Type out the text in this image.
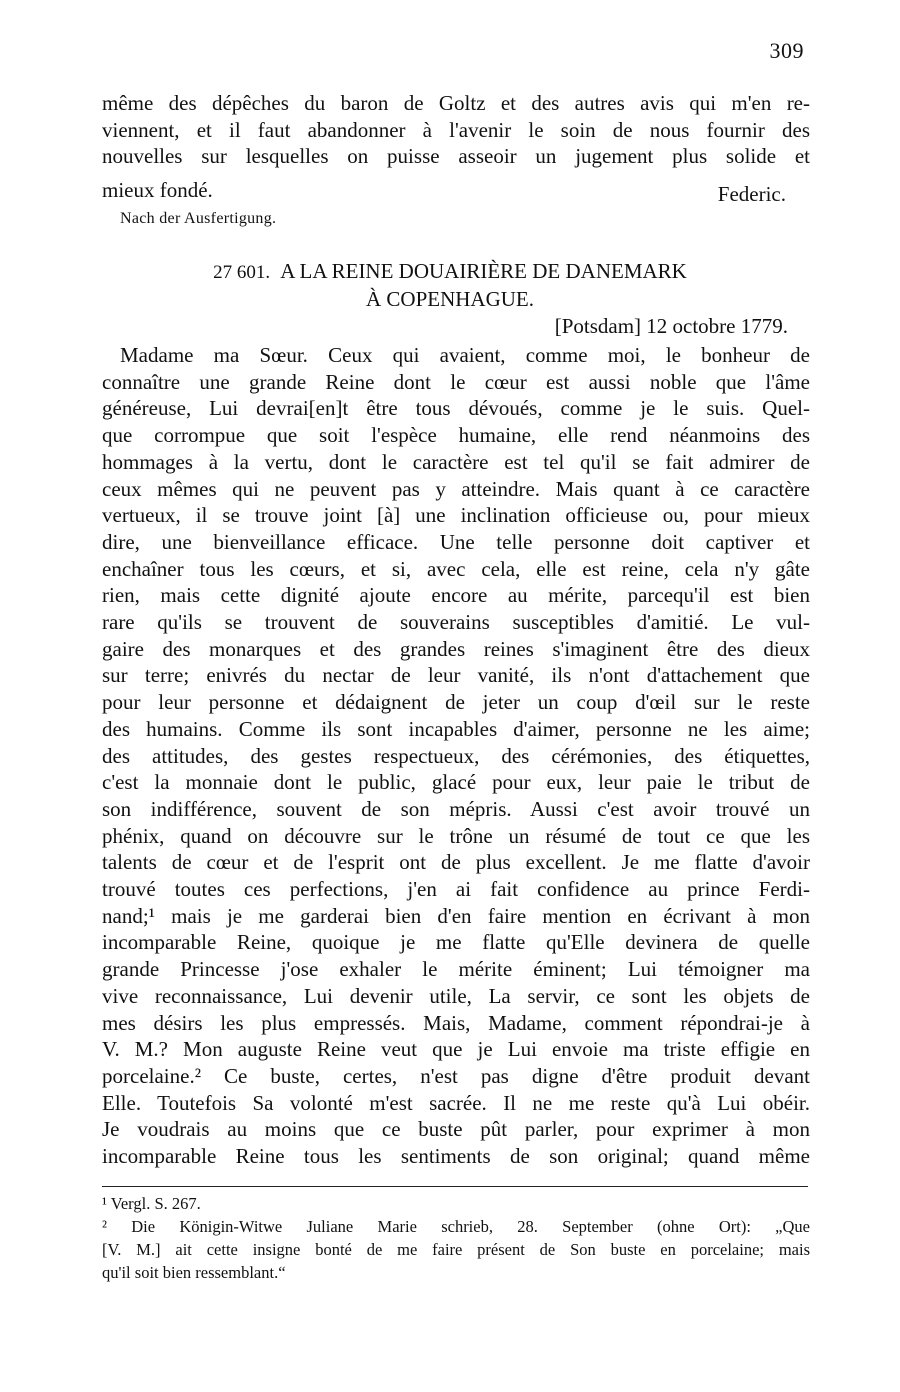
309
même des dépêches du baron de Goltz et des autres avis qui m'en re-
viennent, et il faut abandonner à l'avenir le soin de nous fournir des
nouvelles sur lesquelles on puisse asseoir un jugement plus solide et
mieux fondé.	Federic.
Nach der Ausfertigung.
27 601. A LA REINE DOUAIRIÈRE DE DANEMARK
À COPENHAGUE.
[Potsdam] 12 octobre 1779.
Madame ma Sœur. Ceux qui avaient, comme moi, le bonheur de
connaître une grande Reine dont le cœur est aussi noble que l'âme
généreuse, Lui devrai[en]t être tous dévoués, comme je le suis. Quel-
que corrompue que soit l'espèce humaine, elle rend néanmoins des
hommages à la vertu, dont le caractère est tel qu'il se fait admirer de
ceux mêmes qui ne peuvent pas y atteindre. Mais quant à ce caractère
vertueux, il se trouve joint [à] une inclination officieuse ou, pour mieux
dire, une bienveillance efficace. Une telle personne doit captiver et
enchaîner tous les cœurs, et si, avec cela, elle est reine, cela n'y gâte
rien, mais cette dignité ajoute encore au mérite, parcequ'il est bien
rare qu'ils se trouvent de souverains susceptibles d'amitié. Le vul-
gaire des monarques et des grandes reines s'imaginent être des dieux
sur terre; enivrés du nectar de leur vanité, ils n'ont d'attachement que
pour leur personne et dédaignent de jeter un coup d'œil sur le reste
des humains. Comme ils sont incapables d'aimer, personne ne les aime;
des attitudes, des gestes respectueux, des cérémonies, des étiquettes,
c'est la monnaie dont le public, glacé pour eux, leur paie le tribut de
son indifférence, souvent de son mépris. Aussi c'est avoir trouvé un
phénix, quand on découvre sur le trône un résumé de tout ce que les
talents de cœur et de l'esprit ont de plus excellent. Je me flatte d'avoir
trouvé toutes ces perfections, j'en ai fait confidence au prince Ferdi-
nand;¹ mais je me garderai bien d'en faire mention en écrivant à mon
incomparable Reine, quoique je me flatte qu'Elle devinera de quelle
grande Princesse j'ose exhaler le mérite éminent; Lui témoigner ma
vive reconnaissance, Lui devenir utile, La servir, ce sont les objets de
mes désirs les plus empressés. Mais, Madame, comment répondrai-je à
V. M.? Mon auguste Reine veut que je Lui envoie ma triste effigie en
porcelaine.² Ce buste, certes, n'est pas digne d'être produit devant
Elle. Toutefois Sa volonté m'est sacrée. Il ne me reste qu'à Lui obéir.
Je voudrais au moins que ce buste pût parler, pour exprimer à mon
incomparable Reine tous les sentiments de son original; quand même
¹ Vergl. S. 267.
² Die Königin-Witwe Juliane Marie schrieb, 28. September (ohne Ort): „Que
[V. M.] ait cette insigne bonté de me faire présent de Son buste en porcelaine; mais
qu'il soit bien ressemblant.“
